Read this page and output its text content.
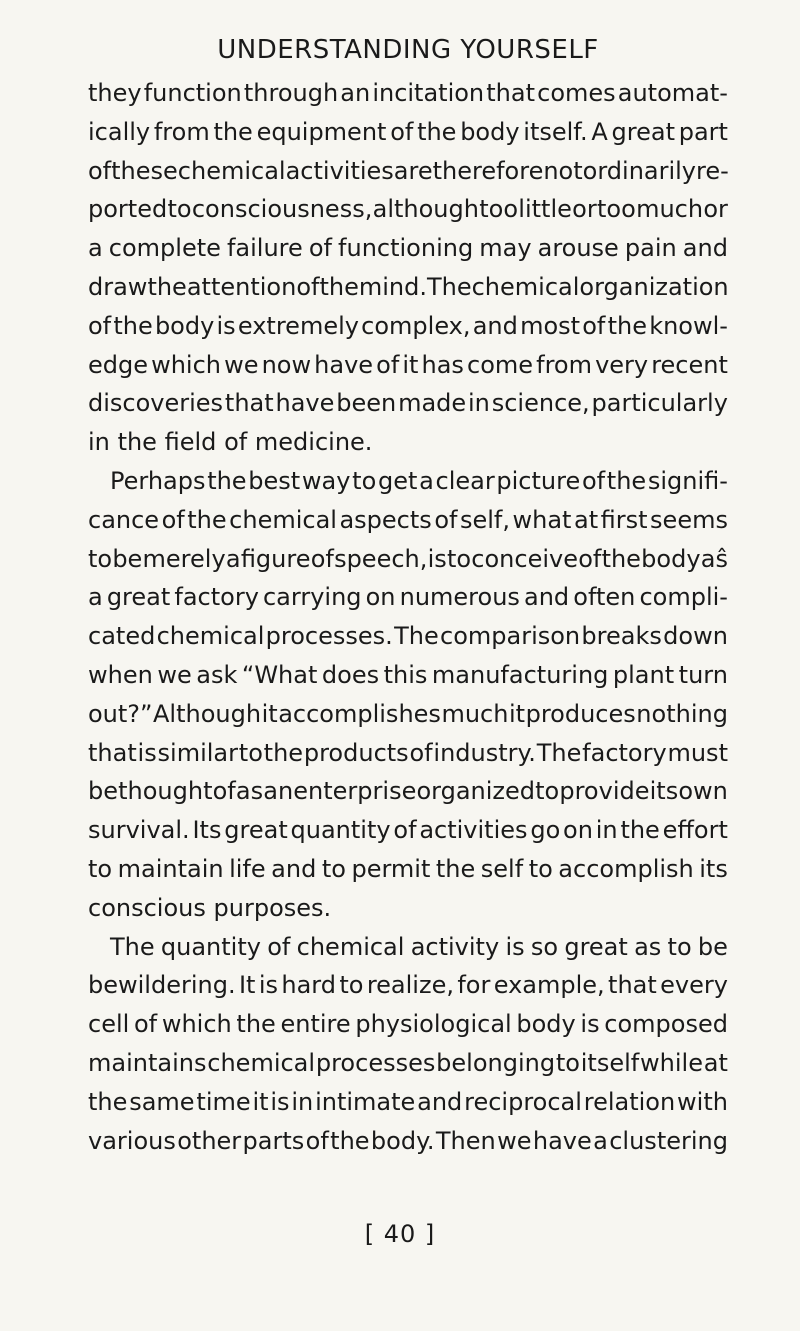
UNDERSTANDING YOURSELF
they function through an incitation that comes automat-
ically from the equipment of the body itself. A great part
of these chemical activities are therefore not ordinarily re-
ported to consciousness, although too little or too much or
a complete failure of functioning may arouse pain and
draw the attention of the mind. The chemical organization
of the body is extremely complex, and most of the knowl-
edge which we now have of it has come from very recent
discoveries that have been made in science, particularly
in the field of medicine.
Perhaps the best way to get a clear picture of the signifi-
cance of the chemical aspects of self, what at first seems
to be merely a figure of speech, is to conceive of the body aŝ
a great factory carrying on numerous and often compli-
cated chemical processes. The comparison breaks down
when we ask “What does this manufacturing plant turn
out?” Although it accomplishes much it produces nothing
that is similar to the products of industry. The factory must
be thought of as an enterprise organized to provide its own
survival. Its great quantity of activities go on in the effort
to maintain life and to permit the self to accomplish its
conscious purposes.
The quantity of chemical activity is so great as to be
bewildering. It is hard to realize, for example, that every
cell of which the entire physiological body is composed
maintains chemical processes belonging to itself while at
the same time it is in intimate and reciprocal relation with
various other parts of the body. Then we have a clustering
[ 40 ]
